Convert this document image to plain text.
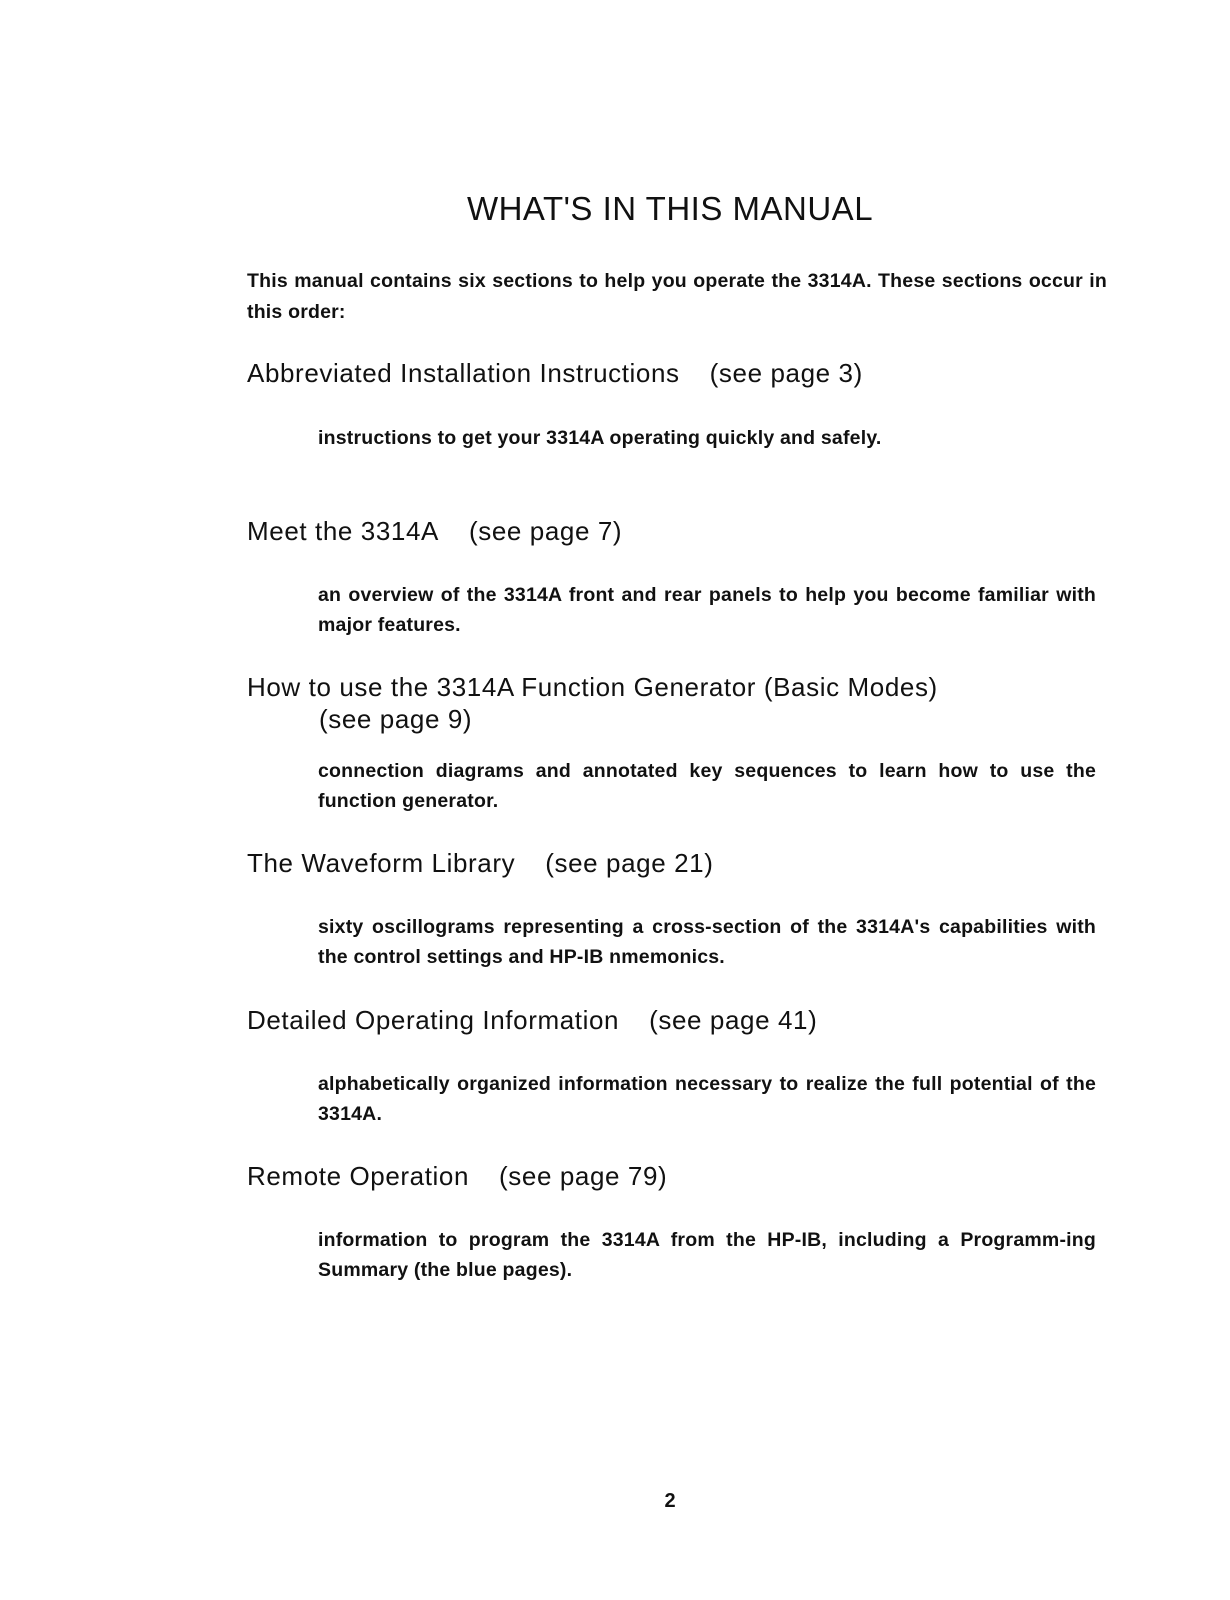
WHAT'S IN THIS MANUAL

This manual contains six sections to help you operate the 3314A. These sections occur in this order:

Abbreviated Installation Instructions (see page 3)

instructions to get your 3314A operating quickly and safely.

Meet the 3314A (see page 7)

an overview of the 3314A front and rear panels to help you become familiar with major features.

How to use the 3314A Function Generator (Basic Modes)
(see page 9)

connection diagrams and annotated key sequences to learn how to use the function generator.

The Waveform Library (see page 21)

sixty oscillograms representing a cross-section of the 3314A's capabilities with the control settings and HP-IB nmemonics.

Detailed Operating Information (see page 41)

alphabetically organized information necessary to realize the full potential of the 3314A.

Remote Operation (see page 79)

information to program the 3314A from the HP-IB, including a Programm-ing Summary (the blue pages).

2
